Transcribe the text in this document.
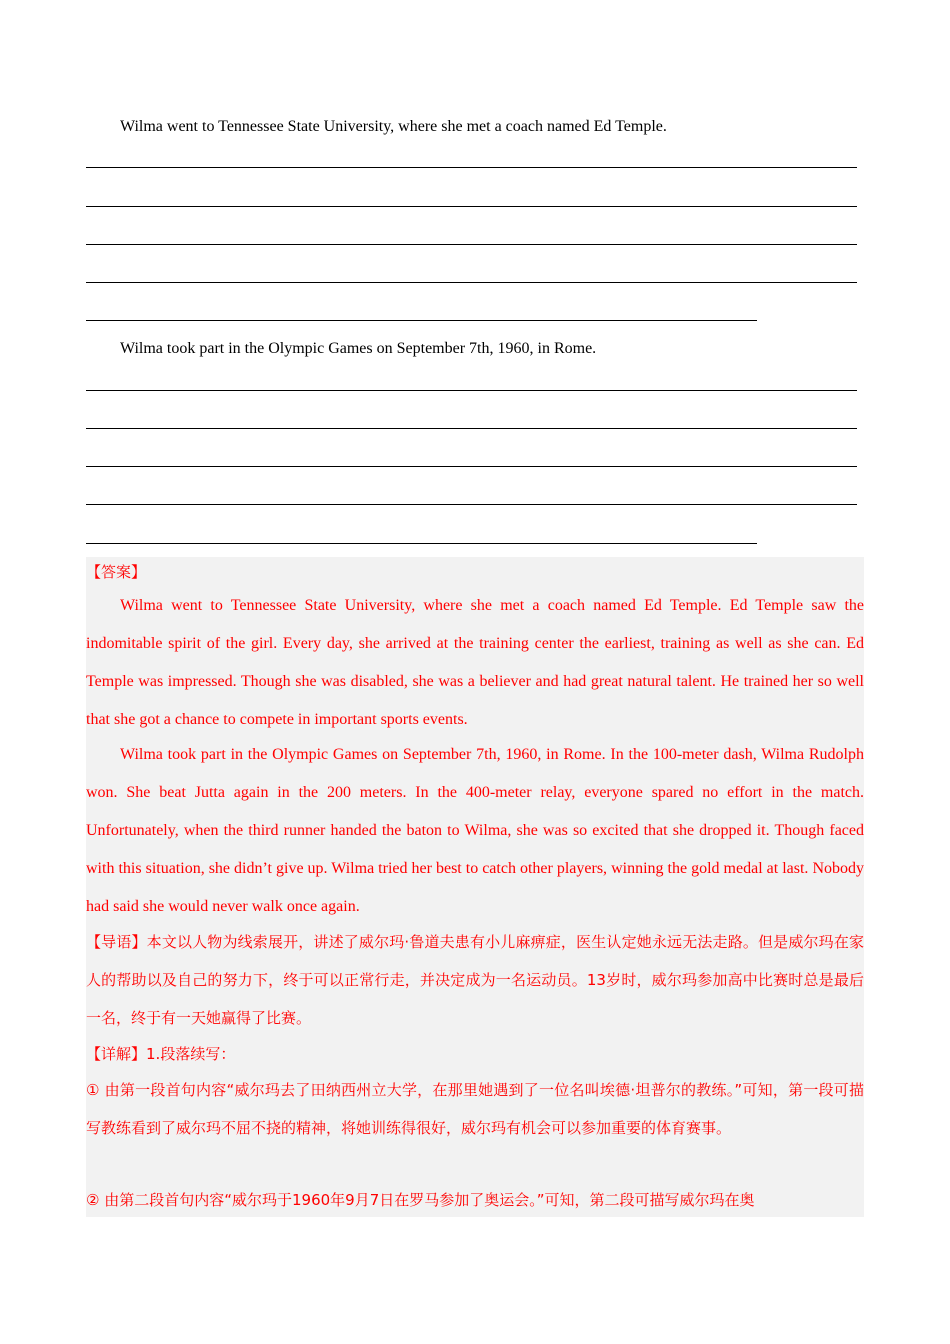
Wilma went to Tennessee State University, where she met a coach named Ed Temple.
Wilma took part in the Olympic Games on September 7th, 1960, in Rome.
【答案】
Wilma went to Tennessee State University, where she met a coach named Ed Temple. Ed Temple saw the indomitable spirit of the girl. Every day, she arrived at the training center the earliest, training as well as she can. Ed Temple was impressed. Though she was disabled, she was a believer and had great natural talent. He trained her so well that she got a chance to compete in important sports events.
Wilma took part in the Olympic Games on September 7th, 1960, in Rome. In the 100-meter dash, Wilma Rudolph won. She beat Jutta again in the 200 meters. In the 400-meter relay, everyone spared no effort in the match. Unfortunately, when the third runner handed the baton to Wilma, she was so excited that she dropped it. Though faced with this situation, she didn’t give up. Wilma tried her best to catch other players, winning the gold medal at last. Nobody had said she would never walk once again.
【导语】本文以人物为线索展开，讲述了威尔玛·鲁道夫患有小儿麻痹症，医生认定她永远无法走路。但是威尔玛在家人的帮助以及自己的努力下，终于可以正常行走，并决定成为一名运动员。13岁时，威尔玛参加高中比赛时总是最后一名，终于有一天她赢得了比赛。
【详解】1.段落续写：
① 由第一段首句内容“威尔玛去了田纳西州立大学，在那里她遇到了一位名叫埃德·坦普尔的教练。”可知，第一段可描写教练看到了威尔玛不屈不挠的精神，将她训练得很好，威尔玛有机会可以参加重要的体育赛事。
② 由第二段首句内容“威尔玛于1960年9月7日在罗马参加了奥运会。”可知，第二段可描写威尔玛在奥
